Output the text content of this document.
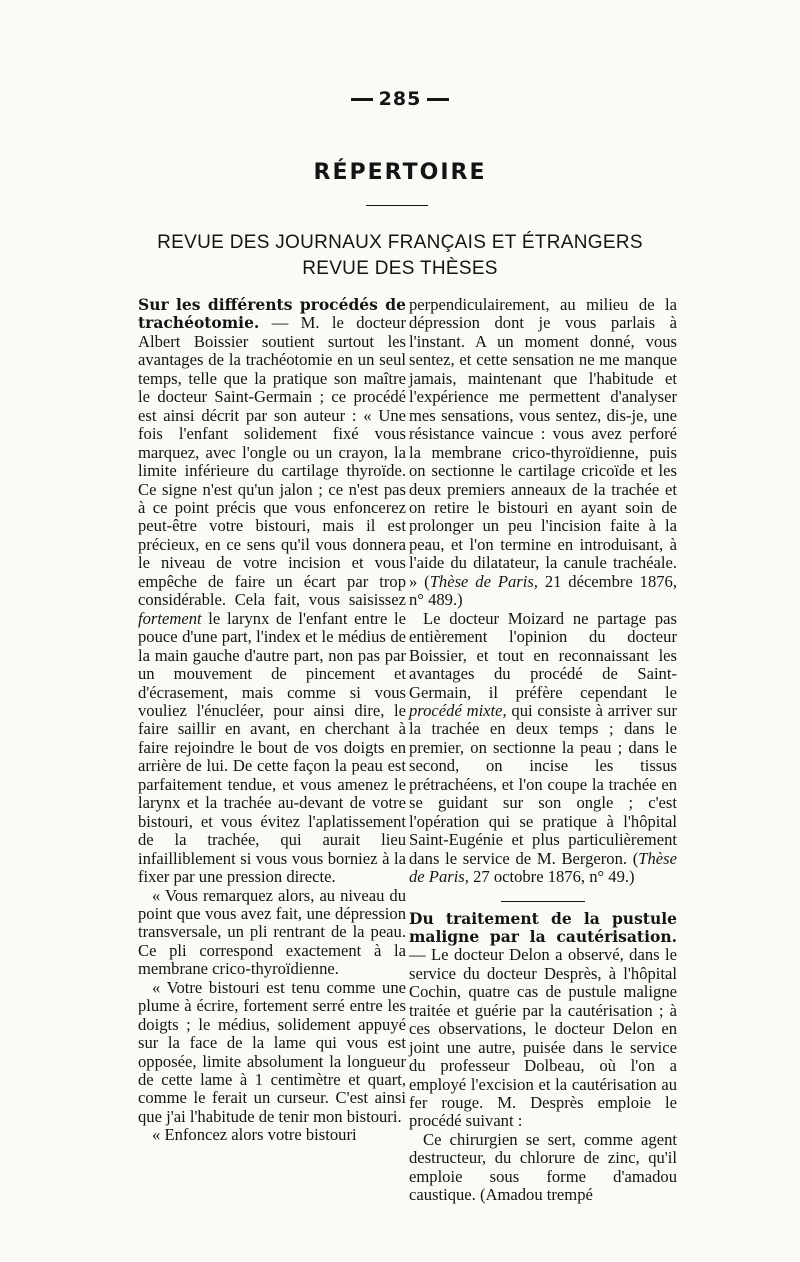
285
RÉPERTOIRE
REVUE DES JOURNAUX FRANÇAIS ET ÉTRANGERS
REVUE DES THÈSES

Sur les différents procédés de trachéotomie. — M. le docteur Albert Boissier soutient surtout les avantages de la trachéotomie en un seul temps, telle que la pratique son maître le docteur Saint-Germain ; ce procédé est ainsi décrit par son auteur : « Une fois l'enfant solidement fixé vous marquez, avec l'ongle ou un crayon, la limite inférieure du cartilage thyroïde. Ce signe n'est qu'un jalon ; ce n'est pas à ce point précis que vous enfoncerez peut-être votre bistouri, mais il est précieux, en ce sens qu'il vous donnera le niveau de votre incision et vous empêche de faire un écart par trop considérable. Cela fait, vous saisissez fortement le larynx de l'enfant entre le pouce d'une part, l'index et le médius de la main gauche d'autre part, non pas par un mouvement de pincement et d'écrasement, mais comme si vous vouliez l'énucléer, pour ainsi dire, le faire saillir en avant, en cherchant à faire rejoindre le bout de vos doigts en arrière de lui. De cette façon la peau est parfaitement tendue, et vous amenez le larynx et la trachée au-devant de votre bistouri, et vous évitez l'aplatissement de la trachée, qui aurait lieu infailliblement si vous vous borniez à la fixer par une pression directe.

« Vous remarquez alors, au niveau du point que vous avez fait, une dépression transversale, un pli rentrant de la peau. Ce pli correspond exactement à la membrane crico-thyroïdienne.

« Votre bistouri est tenu comme une plume à écrire, fortement serré entre les doigts ; le médius, solidement appuyé sur la face de la lame qui vous est opposée, limite absolument la longueur de cette lame à 1 centimètre et quart, comme le ferait un curseur. C'est ainsi que j'ai l'habitude de tenir mon bistouri.

« Enfoncez alors votre bistouri

perpendiculairement, au milieu de la dépression dont je vous parlais à l'instant. A un moment donné, vous sentez, et cette sensation ne me manque jamais, maintenant que l'habitude et l'expérience me permettent d'analyser mes sensations, vous sentez, dis-je, une résistance vaincue : vous avez perforé la membrane crico-thyroïdienne, puis on sectionne le cartilage cricoïde et les deux premiers anneaux de la trachée et on retire le bistouri en ayant soin de prolonger un peu l'incision faite à la peau, et l'on termine en introduisant, à l'aide du dilatateur, la canule trachéale. » (Thèse de Paris, 21 décembre 1876, n° 489.)

Le docteur Moizard ne partage pas entièrement l'opinion du docteur Boissier, et tout en reconnaissant les avantages du procédé de Saint-Germain, il préfère cependant le procédé mixte, qui consiste à arriver sur la trachée en deux temps ; dans le premier, on sectionne la peau ; dans le second, on incise les tissus prétrachéens, et l'on coupe la trachée en se guidant sur son ongle ; c'est l'opération qui se pratique à l'hôpital Saint-Eugénie et plus particulièrement dans le service de M. Bergeron. (Thèse de Paris, 27 octobre 1876, n° 49.)

Du traitement de la pustule maligne par la cautérisation. — Le docteur Delon a observé, dans le service du docteur Desprès, à l'hôpital Cochin, quatre cas de pustule maligne traitée et guérie par la cautérisation ; à ces observations, le docteur Delon en joint une autre, puisée dans le service du professeur Dolbeau, où l'on a employé l'excision et la cautérisation au fer rouge. M. Desprès emploie le procédé suivant :

Ce chirurgien se sert, comme agent destructeur, du chlorure de zinc, qu'il emploie sous forme d'amadou caustique. (Amadou trempé
